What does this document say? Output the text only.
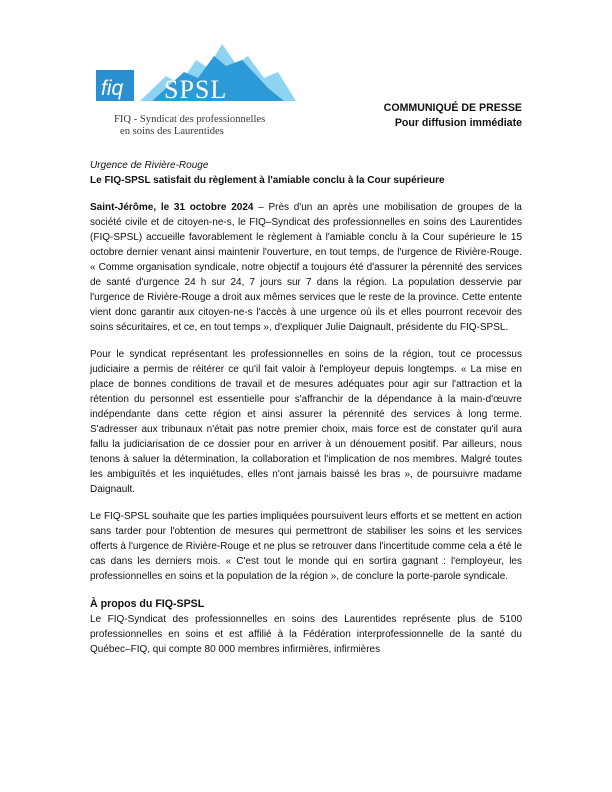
fiq SPSL
FIQ - Syndicat des professionnelles
en soins des Laurentides
COMMUNIQUÉ DE PRESSE
Pour diffusion immédiate
Urgence de Rivière-Rouge
Le FIQ-SPSL satisfait du règlement à l'amiable conclu à la Cour supérieure

Saint-Jérôme, le 31 octobre 2024 – Près d'un an après une mobilisation de groupes de la société civile et de citoyen-ne-s, le FIQ–Syndicat des professionnelles en soins des Laurentides (FIQ-SPSL) accueille favorablement le règlement à l'amiable conclu à la Cour supérieure le 15 octobre dernier venant ainsi maintenir l'ouverture, en tout temps, de l'urgence de Rivière-Rouge. « Comme organisation syndicale, notre objectif a toujours été d'assurer la pérennité des services de santé d'urgence 24 h sur 24, 7 jours sur 7 dans la région. La population desservie par l'urgence de Rivière-Rouge a droit aux mêmes services que le reste de la province. Cette entente vient donc garantir aux citoyen-ne-s l'accès à une urgence où ils et elles pourront recevoir des soins sécuritaires, et ce, en tout temps », d'expliquer Julie Daignault, présidente du FIQ-SPSL.

Pour le syndicat représentant les professionnelles en soins de la région, tout ce processus judiciaire a permis de réitérer ce qu'il fait valoir à l'employeur depuis longtemps. « La mise en place de bonnes conditions de travail et de mesures adéquates pour agir sur l'attraction et la rétention du personnel est essentielle pour s'affranchir de la dépendance à la main-d'œuvre indépendante dans cette région et ainsi assurer la pérennité des services à long terme. S'adresser aux tribunaux n'était pas notre premier choix, mais force est de constater qu'il aura fallu la judiciarisation de ce dossier pour en arriver à un dénouement positif. Par ailleurs, nous tenons à saluer la détermination, la collaboration et l'implication de nos membres. Malgré toutes les ambiguïtés et les inquiétudes, elles n'ont jamais baissé les bras », de poursuivre madame Daignault.

Le FIQ-SPSL souhaite que les parties impliquées poursuivent leurs efforts et se mettent en action sans tarder pour l'obtention de mesures qui permettront de stabiliser les soins et les services offerts à l'urgence de Rivière-Rouge et ne plus se retrouver dans l'incertitude comme cela a été le cas dans les derniers mois. « C'est tout le monde qui en sortira gagnant : l'employeur, les professionnelles en soins et la population de la région », de conclure la porte-parole syndicale.

À propos du FIQ-SPSL

Le FIQ-Syndicat des professionnelles en soins des Laurentides représente plus de 5100 professionnelles en soins et est affilié à la Fédération interprofessionnelle de la santé du Québec–FIQ, qui compte 80 000 membres infirmières, infirmières
